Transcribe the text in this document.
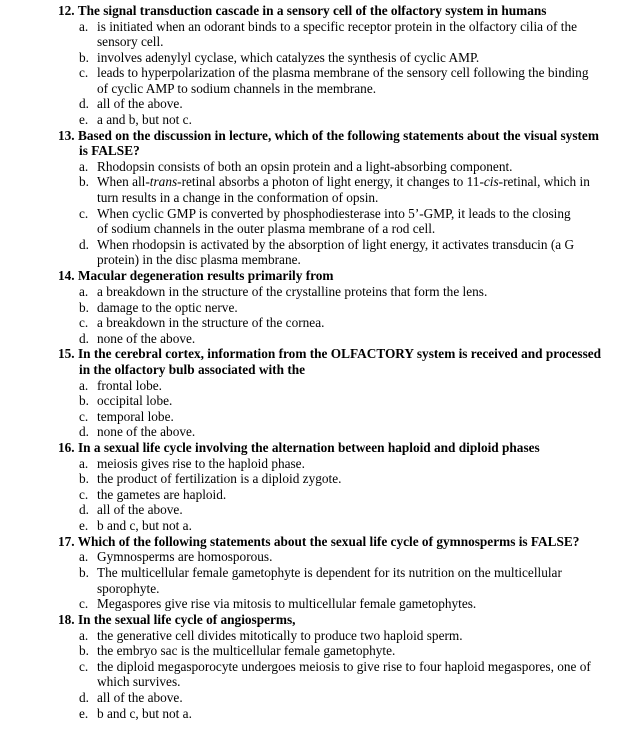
12. The signal transduction cascade in a sensory cell of the olfactory system in humans
a. is initiated when an odorant binds to a specific receptor protein in the olfactory cilia of the
sensory cell.
b. involves adenylyl cyclase, which catalyzes the synthesis of cyclic AMP.
c. leads to hyperpolarization of the plasma membrane of the sensory cell following the binding
of cyclic AMP to sodium channels in the membrane.
d. all of the above.
e. a and b, but not c.
13. Based on the discussion in lecture, which of the following statements about the visual system
is FALSE?
a. Rhodopsin consists of both an opsin protein and a light-absorbing component.
b. When all-trans-retinal absorbs a photon of light energy, it changes to 11-cis-retinal, which in
turn results in a change in the conformation of opsin.
c. When cyclic GMP is converted by phosphodiesterase into 5’-GMP, it leads to the closing
of sodium channels in the outer plasma membrane of a rod cell.
d. When rhodopsin is activated by the absorption of light energy, it activates transducin (a G
protein) in the disc plasma membrane.
14. Macular degeneration results primarily from
a. a breakdown in the structure of the crystalline proteins that form the lens.
b. damage to the optic nerve.
c. a breakdown in the structure of the cornea.
d. none of the above.
15. In the cerebral cortex, information from the OLFACTORY system is received and processed
in the olfactory bulb associated with the
a. frontal lobe.
b. occipital lobe.
c. temporal lobe.
d. none of the above.
16. In a sexual life cycle involving the alternation between haploid and diploid phases
a. meiosis gives rise to the haploid phase.
b. the product of fertilization is a diploid zygote.
c. the gametes are haploid.
d. all of the above.
e. b and c, but not a.
17. Which of the following statements about the sexual life cycle of gymnosperms is FALSE?
a. Gymnosperms are homosporous.
b. The multicellular female gametophyte is dependent for its nutrition on the multicellular
sporophyte.
c. Megaspores give rise via mitosis to multicellular female gametophytes.
18. In the sexual life cycle of angiosperms,
a. the generative cell divides mitotically to produce two haploid sperm.
b. the embryo sac is the multicellular female gametophyte.
c. the diploid megasporocyte undergoes meiosis to give rise to four haploid megaspores, one of
which survives.
d. all of the above.
e. b and c, but not a.
